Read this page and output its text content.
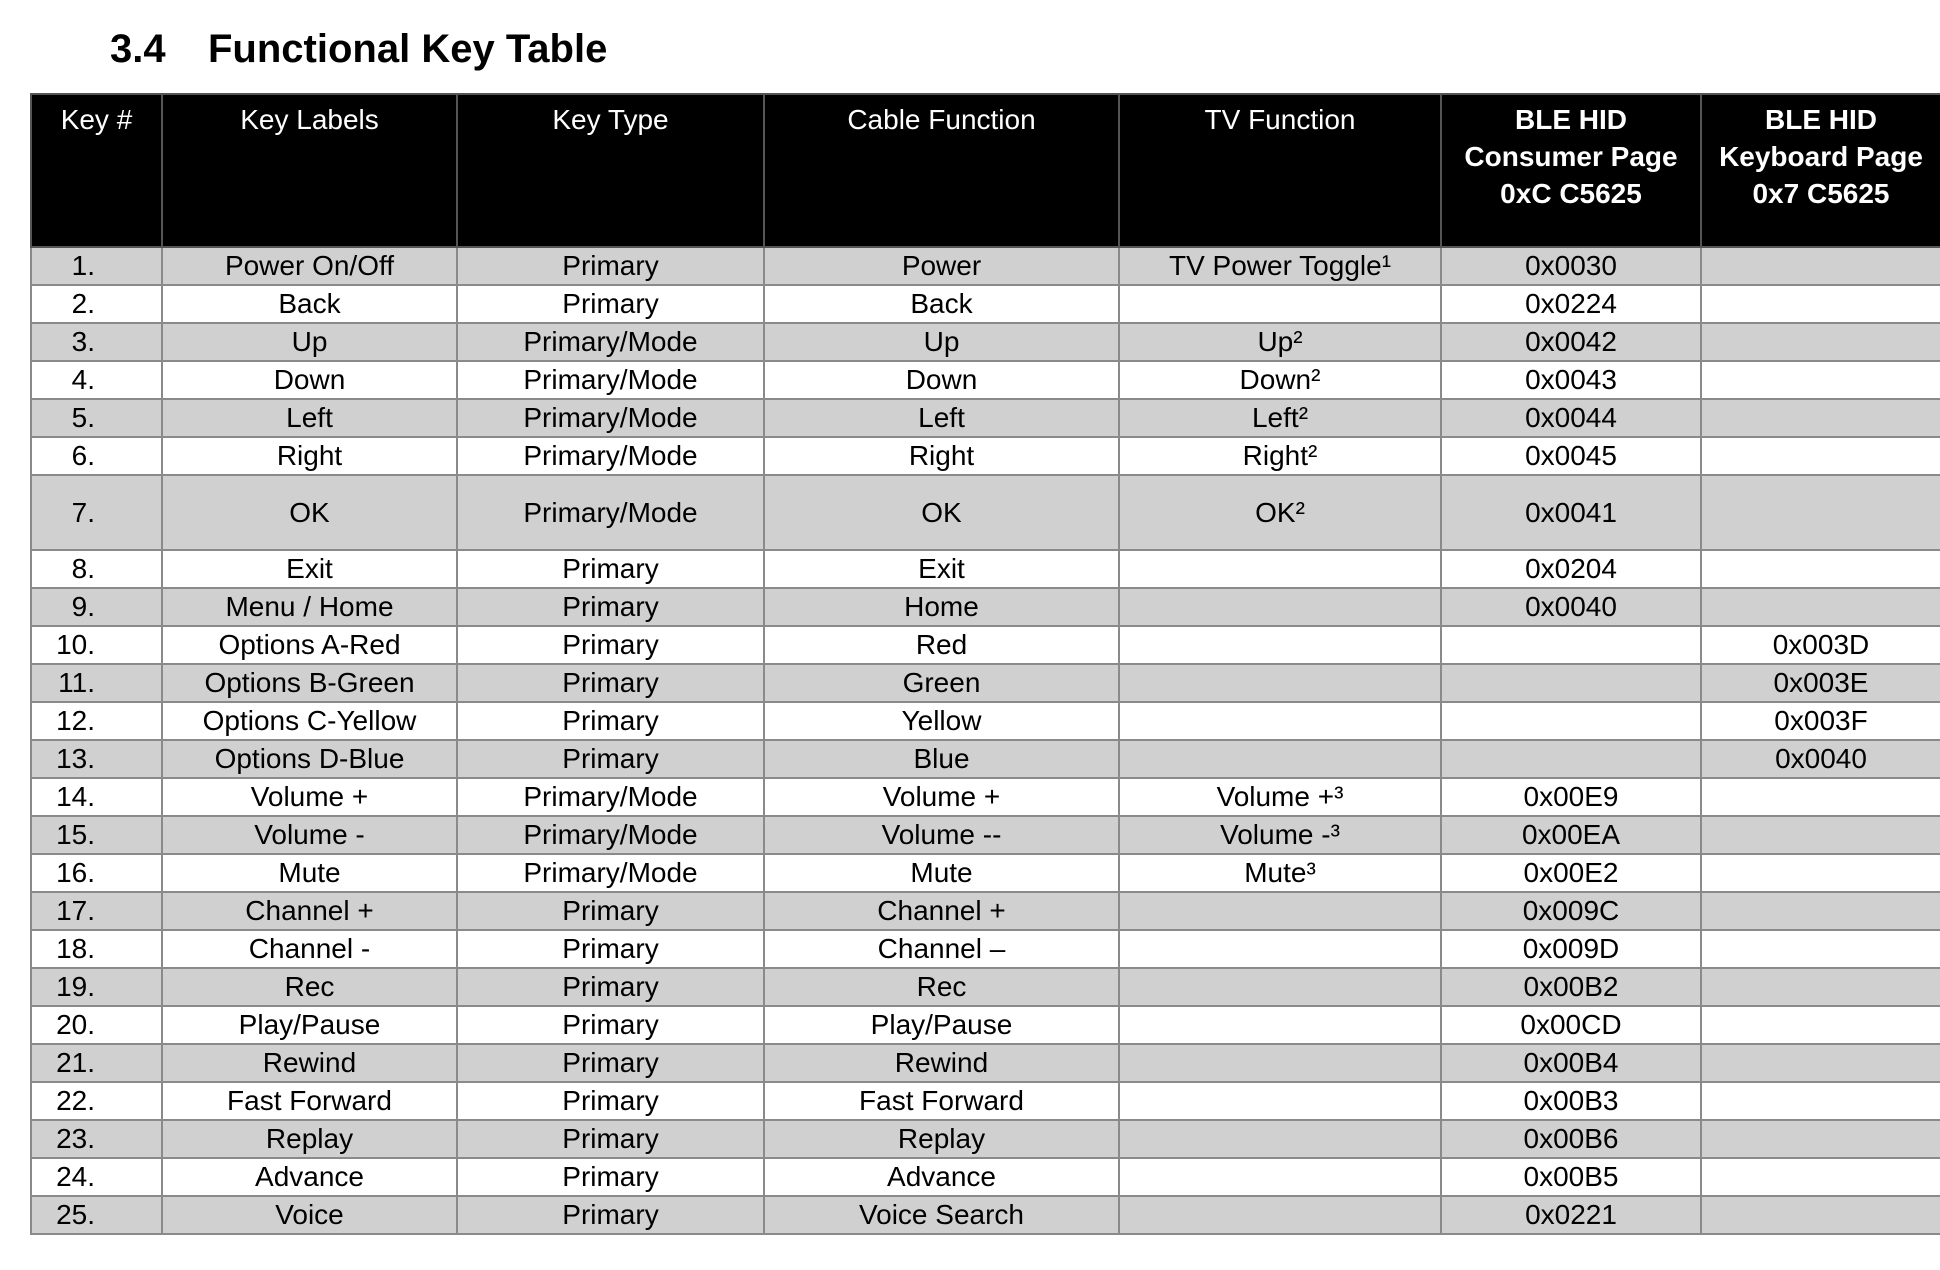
3.4 Functional Key Table
Key #	Key Labels	Key Type	Cable Function	TV Function	BLE HID Consumer Page 0xC C5625	BLE HID Keyboard Page 0x7 C5625
1.	Power On/Off	Primary	Power	TV Power Toggle¹	0x0030	
2.	Back	Primary	Back		0x0224	
3.	Up	Primary/Mode	Up	Up²	0x0042	
4.	Down	Primary/Mode	Down	Down²	0x0043	
5.	Left	Primary/Mode	Left	Left²	0x0044	
6.	Right	Primary/Mode	Right	Right²	0x0045	
7.	OK	Primary/Mode	OK	OK²	0x0041	
8.	Exit	Primary	Exit		0x0204	
9.	Menu / Home	Primary	Home		0x0040	
10.	Options A-Red	Primary	Red			0x003D
11.	Options B-Green	Primary	Green			0x003E
12.	Options C-Yellow	Primary	Yellow			0x003F
13.	Options D-Blue	Primary	Blue			0x0040
14.	Volume +	Primary/Mode	Volume +	Volume +³	0x00E9	
15.	Volume -	Primary/Mode	Volume --	Volume -³	0x00EA	
16.	Mute	Primary/Mode	Mute	Mute³	0x00E2	
17.	Channel +	Primary	Channel +		0x009C	
18.	Channel -	Primary	Channel –		0x009D	
19.	Rec	Primary	Rec		0x00B2	
20.	Play/Pause	Primary	Play/Pause		0x00CD	
21.	Rewind	Primary	Rewind		0x00B4	
22.	Fast Forward	Primary	Fast Forward		0x00B3	
23.	Replay	Primary	Replay		0x00B6	
24.	Advance	Primary	Advance		0x00B5	
25.	Voice	Primary	Voice Search		0x0221	
